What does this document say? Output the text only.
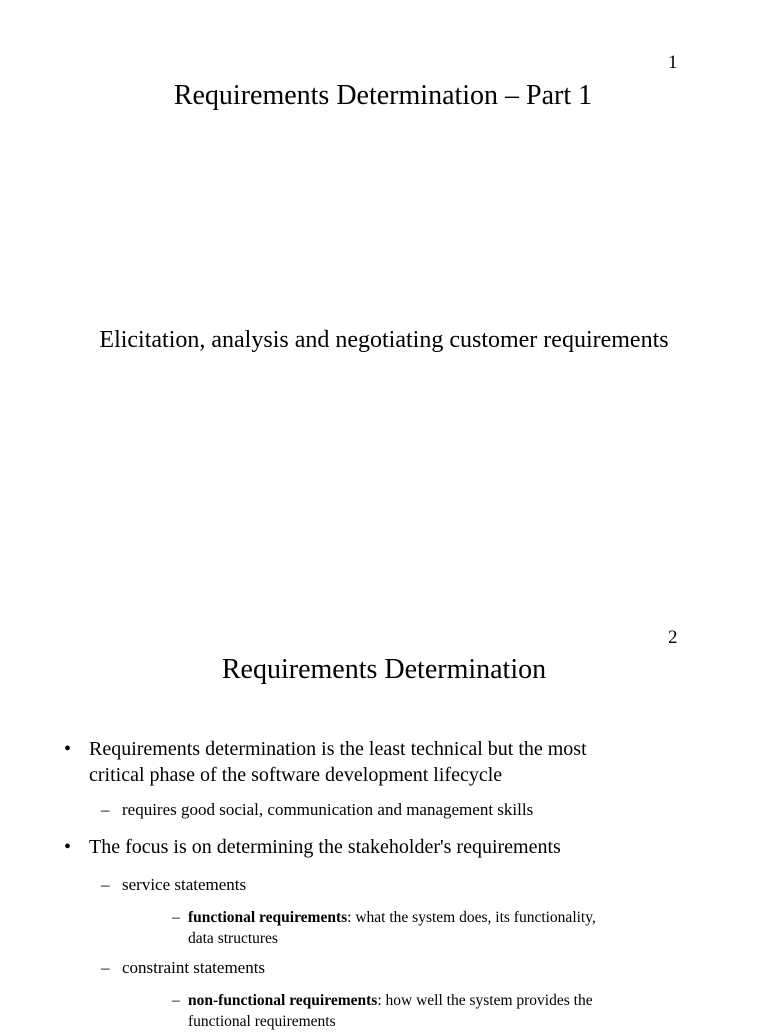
1
Requirements Determination – Part 1
Elicitation, analysis and negotiating customer requirements
2
Requirements Determination
• Requirements determination is the least technical but the most
critical phase of the software development lifecycle
– requires good social, communication and management skills
• The focus is on determining the stakeholder's requirements
– service statements
– functional requirements: what the system does, its functionality,
data structures
– constraint statements
– non-functional requirements: how well the system provides the
functional requirements
